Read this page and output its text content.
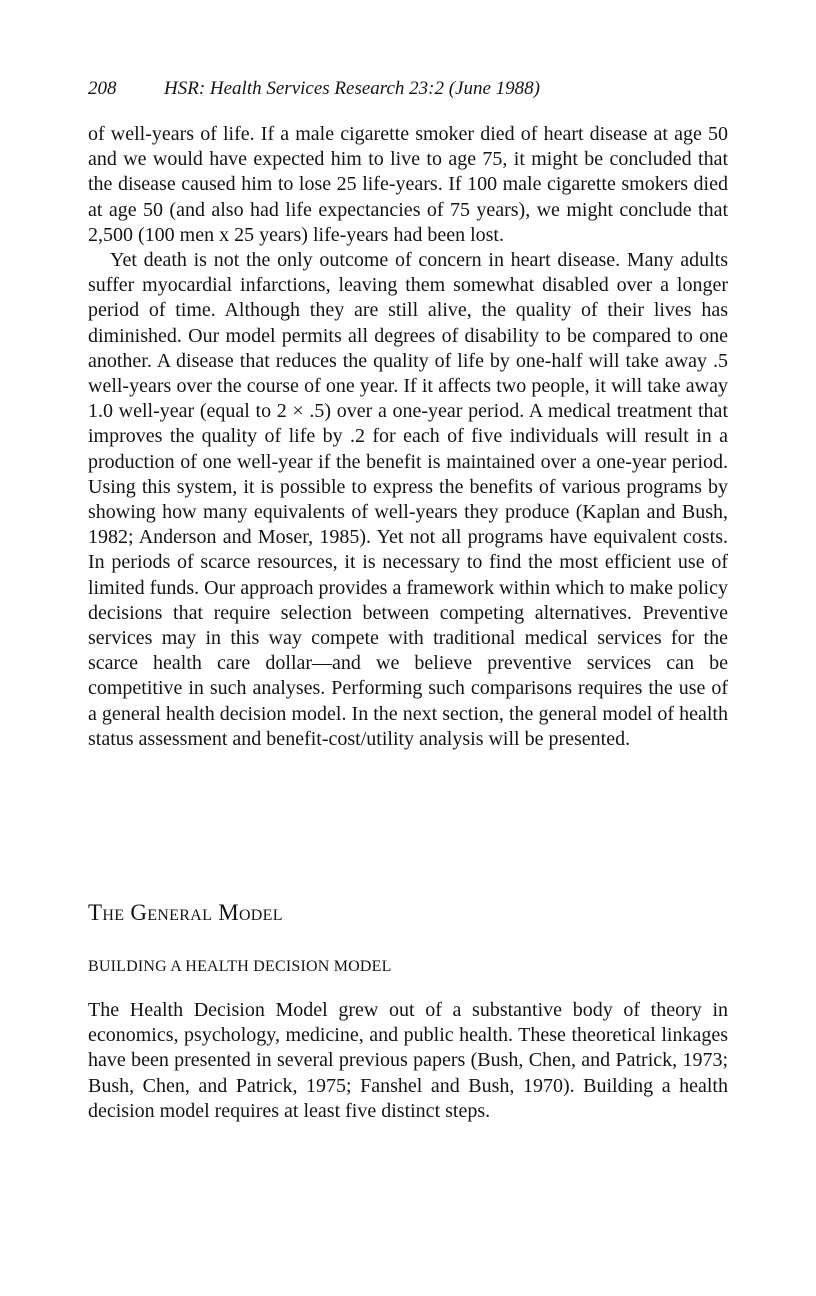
208	HSR: Health Services Research 23:2 (June 1988)

of well-years of life. If a male cigarette smoker died of heart disease at age 50 and we would have expected him to live to age 75, it might be concluded that the disease caused him to lose 25 life-years. If 100 male cigarette smokers died at age 50 (and also had life expectancies of 75 years), we might conclude that 2,500 (100 men x 25 years) life-years had been lost.

Yet death is not the only outcome of concern in heart disease. Many adults suffer myocardial infarctions, leaving them somewhat disabled over a longer period of time. Although they are still alive, the quality of their lives has diminished. Our model permits all degrees of disability to be compared to one another. A disease that reduces the quality of life by one-half will take away .5 well-years over the course of one year. If it affects two people, it will take away 1.0 well-year (equal to 2 × .5) over a one-year period. A medical treatment that improves the quality of life by .2 for each of five individuals will result in a production of one well-year if the benefit is maintained over a one-year period. Using this system, it is possible to express the benefits of various programs by showing how many equivalents of well-years they produce (Kaplan and Bush, 1982; Anderson and Moser, 1985). Yet not all programs have equivalent costs. In periods of scarce resources, it is necessary to find the most efficient use of limited funds. Our approach provides a framework within which to make policy decisions that require selection between competing alternatives. Preventive services may in this way compete with traditional medical services for the scarce health care dollar—and we believe preventive services can be competitive in such analyses. Performing such comparisons requires the use of a general health decision model. In the next section, the general model of health status assessment and benefit-cost/utility analysis will be presented.

The General Model
BUILDING A HEALTH DECISION MODEL

The Health Decision Model grew out of a substantive body of theory in economics, psychology, medicine, and public health. These theoretical linkages have been presented in several previous papers (Bush, Chen, and Patrick, 1973; Bush, Chen, and Patrick, 1975; Fanshel and Bush, 1970). Building a health decision model requires at least five distinct steps.
